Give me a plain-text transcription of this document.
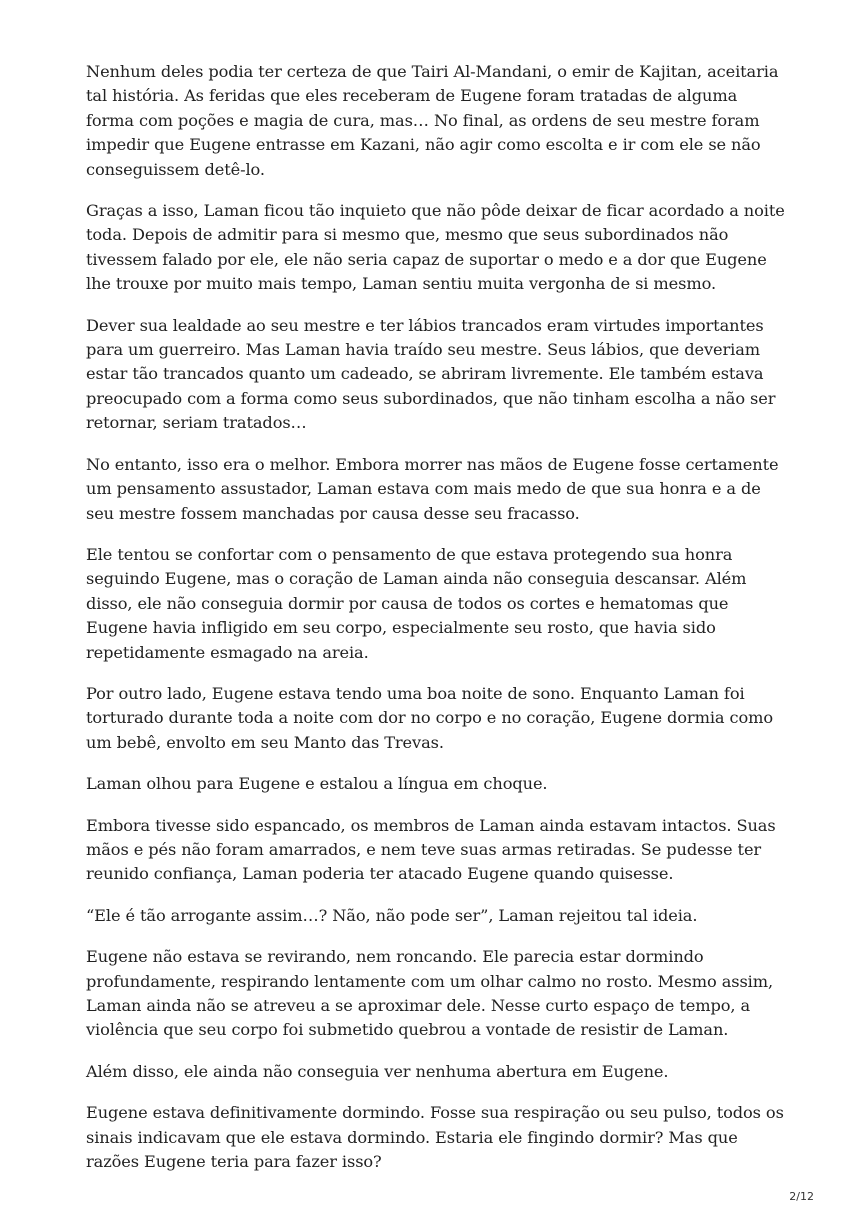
Nenhum deles podia ter certeza de que Tairi Al-Mandani, o emir de Kajitan, aceitaria tal história. As feridas que eles receberam de Eugene foram tratadas de alguma forma com poções e magia de cura, mas… No final, as ordens de seu mestre foram impedir que Eugene entrasse em Kazani, não agir como escolta e ir com ele se não conseguissem detê-lo.

Graças a isso, Laman ficou tão inquieto que não pôde deixar de ficar acordado a noite toda. Depois de admitir para si mesmo que, mesmo que seus subordinados não tivessem falado por ele, ele não seria capaz de suportar o medo e a dor que Eugene lhe trouxe por muito mais tempo, Laman sentiu muita vergonha de si mesmo.

Dever sua lealdade ao seu mestre e ter lábios trancados eram virtudes importantes para um guerreiro. Mas Laman havia traído seu mestre. Seus lábios, que deveriam estar tão trancados quanto um cadeado, se abriram livremente. Ele também estava preocupado com a forma como seus subordinados, que não tinham escolha a não ser retornar, seriam tratados…

No entanto, isso era o melhor. Embora morrer nas mãos de Eugene fosse certamente um pensamento assustador, Laman estava com mais medo de que sua honra e a de seu mestre fossem manchadas por causa desse seu fracasso.

Ele tentou se confortar com o pensamento de que estava protegendo sua honra seguindo Eugene, mas o coração de Laman ainda não conseguia descansar. Além disso, ele não conseguia dormir por causa de todos os cortes e hematomas que Eugene havia infligido em seu corpo, especialmente seu rosto, que havia sido repetidamente esmagado na areia.

Por outro lado, Eugene estava tendo uma boa noite de sono. Enquanto Laman foi torturado durante toda a noite com dor no corpo e no coração, Eugene dormia como um bebê, envolto em seu Manto das Trevas.

Laman olhou para Eugene e estalou a língua em choque.

Embora tivesse sido espancado, os membros de Laman ainda estavam intactos. Suas mãos e pés não foram amarrados, e nem teve suas armas retiradas. Se pudesse ter reunido confiança, Laman poderia ter atacado Eugene quando quisesse.

“Ele é tão arrogante assim…? Não, não pode ser”, Laman rejeitou tal ideia.

Eugene não estava se revirando, nem roncando. Ele parecia estar dormindo profundamente, respirando lentamente com um olhar calmo no rosto. Mesmo assim, Laman ainda não se atreveu a se aproximar dele. Nesse curto espaço de tempo, a violência que seu corpo foi submetido quebrou a vontade de resistir de Laman.

Além disso, ele ainda não conseguia ver nenhuma abertura em Eugene.

Eugene estava definitivamente dormindo. Fosse sua respiração ou seu pulso, todos os sinais indicavam que ele estava dormindo. Estaria ele fingindo dormir? Mas que razões Eugene teria para fazer isso?

2/12
